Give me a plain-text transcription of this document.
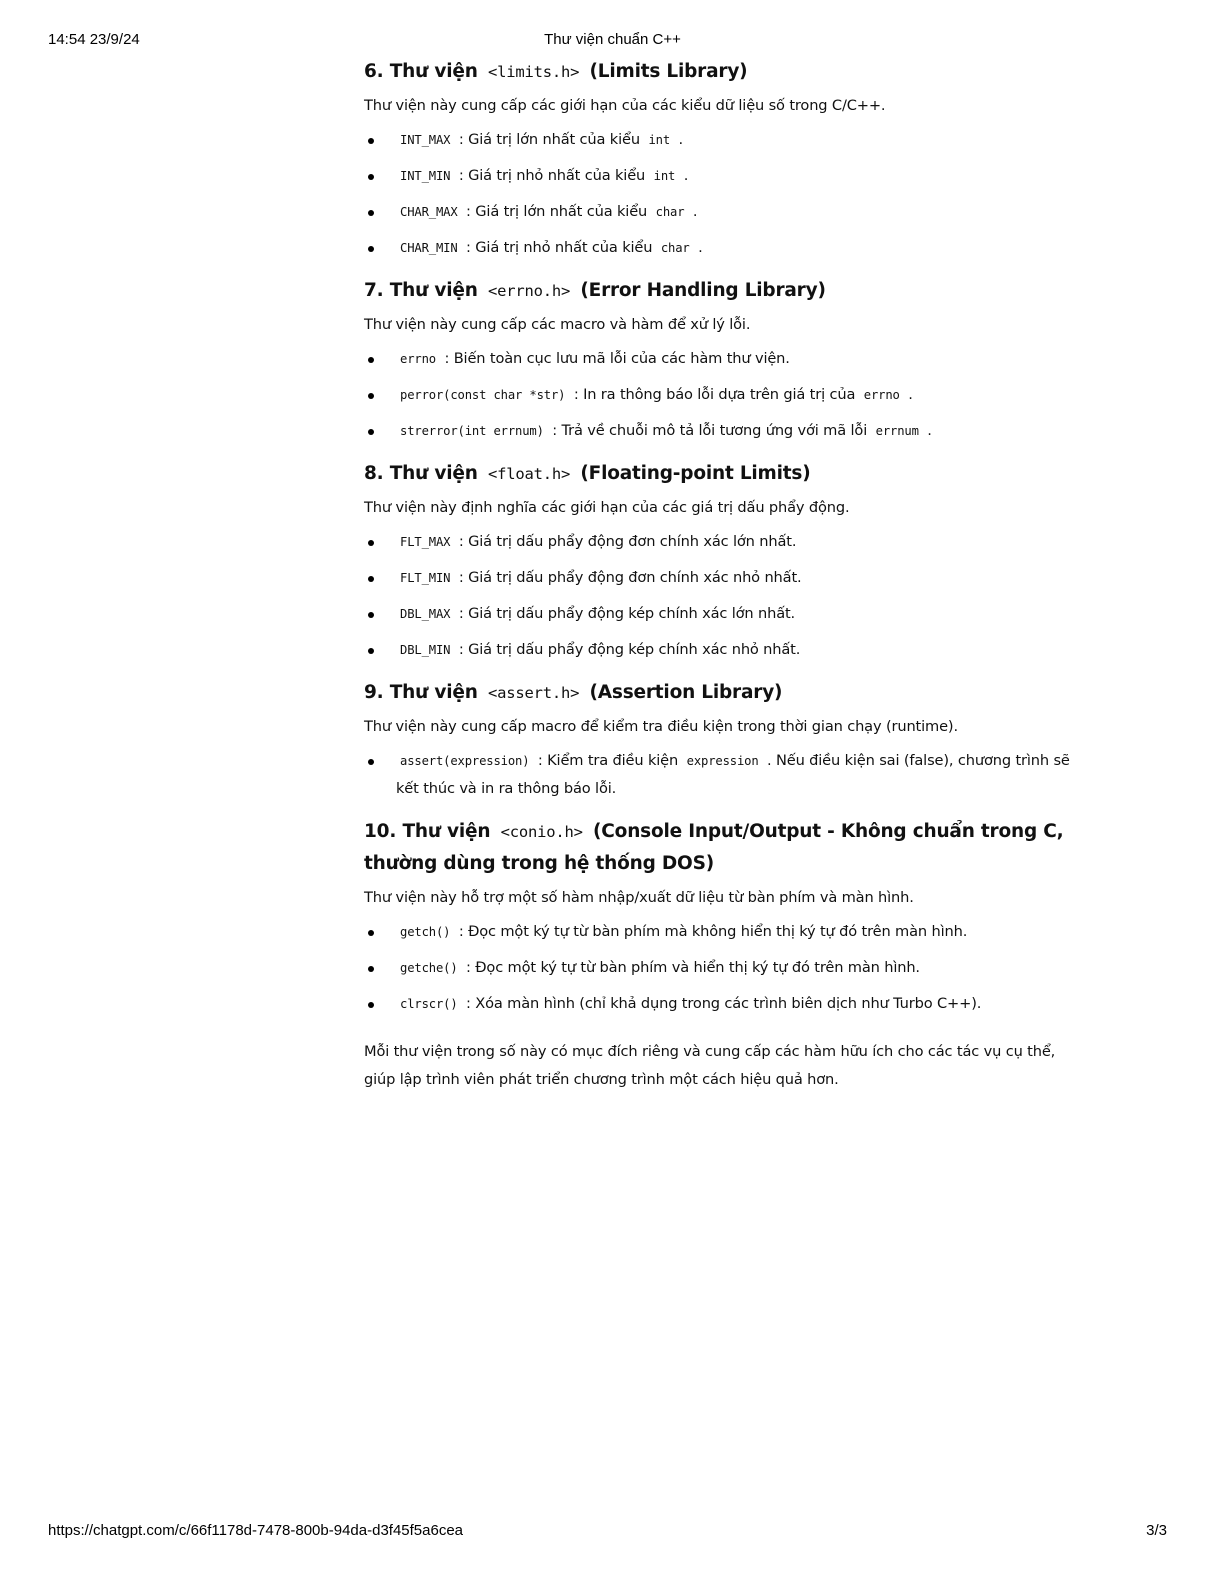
14:54 23/9/24	Thư viện chuẩn C++
6. Thư viện <limits.h> (Limits Library)

Thư viện này cung cấp các giới hạn của các kiểu dữ liệu số trong C/C++.

INT_MAX : Giá trị lớn nhất của kiểu int .
INT_MIN : Giá trị nhỏ nhất của kiểu int .
CHAR_MAX : Giá trị lớn nhất của kiểu char .
CHAR_MIN : Giá trị nhỏ nhất của kiểu char .
7. Thư viện <errno.h> (Error Handling Library)

Thư viện này cung cấp các macro và hàm để xử lý lỗi.

errno : Biến toàn cục lưu mã lỗi của các hàm thư viện.
perror(const char *str) : In ra thông báo lỗi dựa trên giá trị của errno .
strerror(int errnum) : Trả về chuỗi mô tả lỗi tương ứng với mã lỗi errnum .
8. Thư viện <float.h> (Floating-point Limits)

Thư viện này định nghĩa các giới hạn của các giá trị dấu phẩy động.

FLT_MAX : Giá trị dấu phẩy động đơn chính xác lớn nhất.
FLT_MIN : Giá trị dấu phẩy động đơn chính xác nhỏ nhất.
DBL_MAX : Giá trị dấu phẩy động kép chính xác lớn nhất.
DBL_MIN : Giá trị dấu phẩy động kép chính xác nhỏ nhất.
9. Thư viện <assert.h> (Assertion Library)

Thư viện này cung cấp macro để kiểm tra điều kiện trong thời gian chạy (runtime).

assert(expression) : Kiểm tra điều kiện expression . Nếu điều kiện sai (false), chương trình sẽ kết thúc và in ra thông báo lỗi.
10. Thư viện <conio.h> (Console Input/Output - Không chuẩn trong C, thường dùng trong hệ thống DOS)

Thư viện này hỗ trợ một số hàm nhập/xuất dữ liệu từ bàn phím và màn hình.

getch() : Đọc một ký tự từ bàn phím mà không hiển thị ký tự đó trên màn hình.
getche() : Đọc một ký tự từ bàn phím và hiển thị ký tự đó trên màn hình.
clrscr() : Xóa màn hình (chỉ khả dụng trong các trình biên dịch như Turbo C++).

Mỗi thư viện trong số này có mục đích riêng và cung cấp các hàm hữu ích cho các tác vụ cụ thể, giúp lập trình viên phát triển chương trình một cách hiệu quả hơn.

https://chatgpt.com/c/66f1178d-7478-800b-94da-d3f45f5a6cea	3/3
